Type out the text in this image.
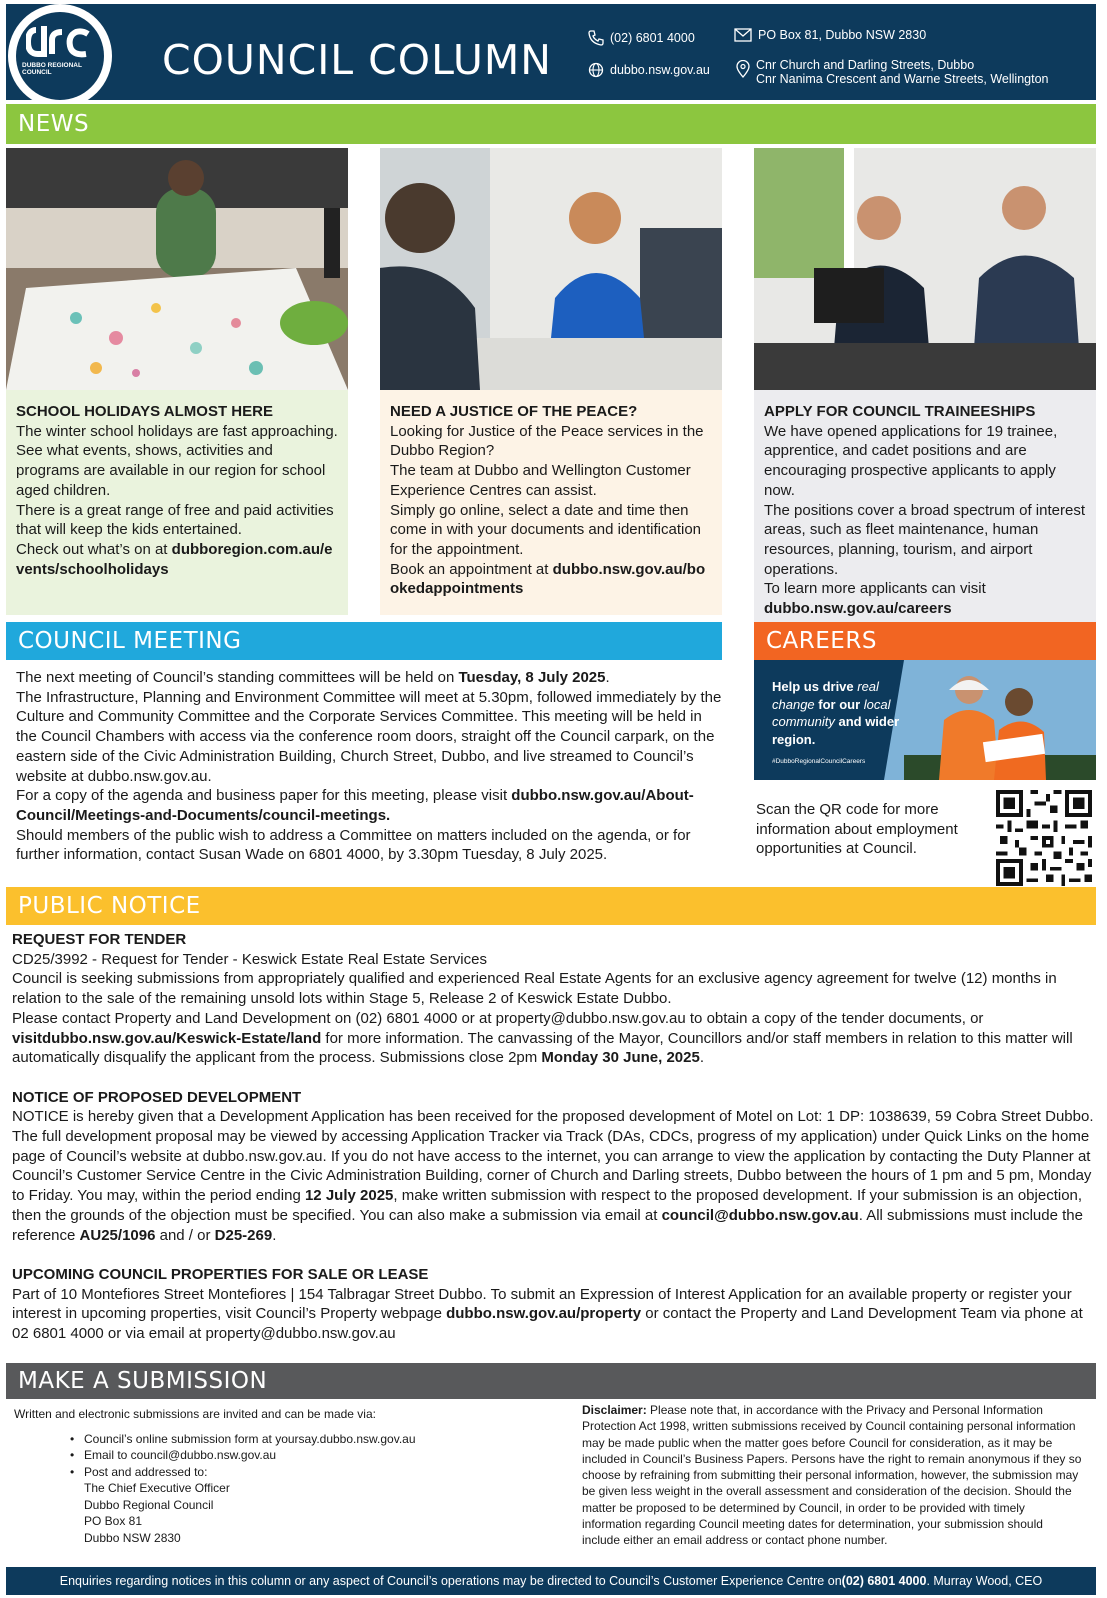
COUNCIL COLUMN	(02) 6801 4000
dubbo.nsw.gov.au
PO Box 81, Dubbo NSW 2830
Cnr Church and Darling Streets, Dubbo
Cnr Nanima Crescent and Warne Streets, Wellington
DUBBO REGIONAL COUNCIL
NEWS
SCHOOL HOLIDAYS ALMOST HERE
The winter school holidays are fast approaching.
See what events, shows, activities and programs are available in our region for school aged children.
There is a great range of free and paid activities that will keep the kids entertained.
Check out what’s on at dubboregion.com.au/events/schoolholidays
NEED A JUSTICE OF THE PEACE?
Looking for Justice of the Peace services in the Dubbo Region?
The team at Dubbo and Wellington Customer Experience Centres can assist.
Simply go online, select a date and time then come in with your documents and identification for the appointment.
Book an appointment at dubbo.nsw.gov.au/bookedappointments
APPLY FOR COUNCIL TRAINEESHIPS
We have opened applications for 19 trainee, apprentice, and cadet positions and are encouraging prospective applicants to apply now.
The positions cover a broad spectrum of interest areas, such as fleet maintenance, human resources, planning, tourism, and airport operations.
To learn more applicants can visit
dubbo.nsw.gov.au/careers
COUNCIL MEETING
The next meeting of Council’s standing committees will be held on Tuesday, 8 July 2025.
The Infrastructure, Planning and Environment Committee will meet at 5.30pm, followed immediately by the Culture and Community Committee and the Corporate Services Committee. This meeting will be held in the Council Chambers with access via the conference room doors, straight off the Council carpark, on the eastern side of the Civic Administration Building, Church Street, Dubbo, and live streamed to Council’s website at dubbo.nsw.gov.au.
For a copy of the agenda and business paper for this meeting, please visit dubbo.nsw.gov.au/About-Council/Meetings-and-Documents/council-meetings.
Should members of the public wish to address a Committee on matters included on the agenda, or for further information, contact Susan Wade on 6801 4000, by 3.30pm Tuesday, 8 July 2025.
CAREERS
Help us drive real change for our local community and wider region.
#DubboRegionalCouncilCareers
Scan the QR code for more information about employment opportunities at Council.
PUBLIC NOTICE
REQUEST FOR TENDER
CD25/3992 - Request for Tender - Keswick Estate Real Estate Services
Council is seeking submissions from appropriately qualified and experienced Real Estate Agents for an exclusive agency agreement for twelve (12) months in relation to the sale of the remaining unsold lots within Stage 5, Release 2 of Keswick Estate Dubbo.
Please contact Property and Land Development on (02) 6801 4000 or at property@dubbo.nsw.gov.au to obtain a copy of the tender documents, or visitdubbo.nsw.gov.au/Keswick-Estate/land for more information. The canvassing of the Mayor, Councillors and/or staff members in relation to this matter will automatically disqualify the applicant from the process. Submissions close 2pm Monday 30 June, 2025.
NOTICE OF PROPOSED DEVELOPMENT
NOTICE is hereby given that a Development Application has been received for the proposed development of Motel on Lot: 1 DP: 1038639, 59 Cobra Street Dubbo. The full development proposal may be viewed by accessing Application Tracker via Track (DAs, CDCs, progress of my application) under Quick Links on the home page of Council’s website at dubbo.nsw.gov.au. If you do not have access to the internet, you can arrange to view the application by contacting the Duty Planner at Council’s Customer Service Centre in the Civic Administration Building, corner of Church and Darling streets, Dubbo between the hours of 1 pm and 5 pm, Monday to Friday. You may, within the period ending 12 July 2025, make written submission with respect to the proposed development. If your submission is an objection, then the grounds of the objection must be specified. You can also make a submission via email at council@dubbo.nsw.gov.au. All submissions must include the reference AU25/1096 and / or D25-269.
UPCOMING COUNCIL PROPERTIES FOR SALE OR LEASE
Part of 10 Montefiores Street Montefiores | 154 Talbragar Street Dubbo. To submit an Expression of Interest Application for an available property or register your interest in upcoming properties, visit Council’s Property webpage dubbo.nsw.gov.au/property or contact the Property and Land Development Team via phone at 02 6801 4000 or via email at property@dubbo.nsw.gov.au
MAKE A SUBMISSION
Written and electronic submissions are invited and can be made via:
• Council’s online submission form at yoursay.dubbo.nsw.gov.au
• Email to council@dubbo.nsw.gov.au
• Post and addressed to:
The Chief Executive Officer
Dubbo Regional Council
PO Box 81
Dubbo NSW 2830
Disclaimer: Please note that, in accordance with the Privacy and Personal Information Protection Act 1998, written submissions received by Council containing personal information may be made public when the matter goes before Council for consideration, as it may be included in Council’s Business Papers. Persons have the right to remain anonymous if they so choose by refraining from submitting their personal information, however, the submission may be given less weight in the overall assessment and consideration of the decision. Should the matter be proposed to be determined by Council, in order to be provided with timely information regarding Council meeting dates for determination, your submission should include either an email address or contact phone number.
Enquiries regarding notices in this column or any aspect of Council’s operations may be directed to Council’s Customer Experience Centre on (02) 6801 4000 . Murray Wood, CEO
